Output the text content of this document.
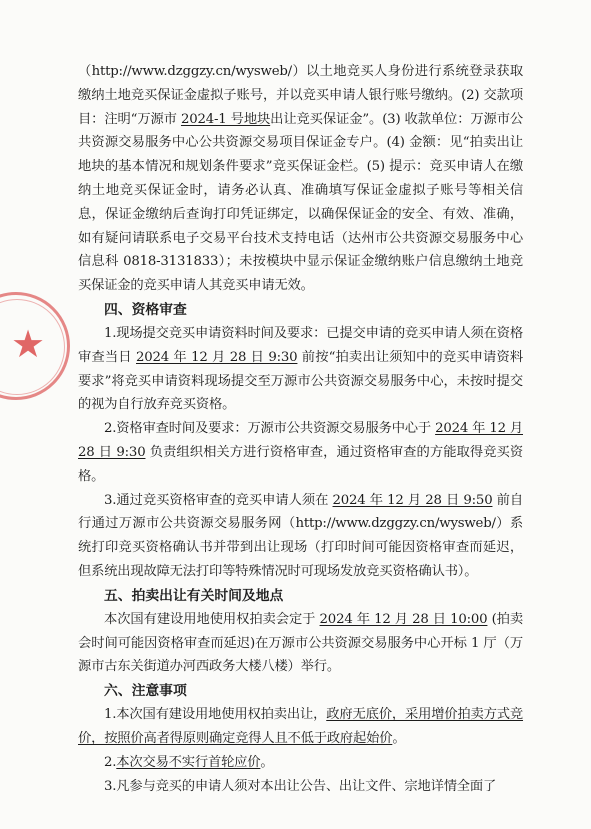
★

（http://www.dzggzy.cn/wysweb/）以土地竞买人身份进行系统登录获取缴纳土地竞买保证金虚拟子账号，并以竞买申请人银行账号缴纳。(2) 交款项目：注明“万源市 2024-1 号地块出让竞买保证金”。(3) 收款单位：万源市公共资源交易服务中心公共资源交易项目保证金专户。(4) 金额：见“拍卖出让地块的基本情况和规划条件要求”竞买保证金栏。(5) 提示：竞买申请人在缴纳土地竞买保证金时，请务必认真、准确填写保证金虚拟子账号等相关信息，保证金缴纳后查询打印凭证绑定，以确保保证金的安全、有效、准确，如有疑问请联系电子交易平台技术支持电话（达州市公共资源交易服务中心信息科 0818-3131833）；未按模块中显示保证金缴纳账户信息缴纳土地竞买保证金的竞买申请人其竞买申请无效。

四、资格审查

1.现场提交竞买申请资料时间及要求：已提交申请的竞买申请人须在资格审查当日 2024 年 12 月 28 日 9:30 前按“拍卖出让须知中的竞买申请资料要求”将竞买申请资料现场提交至万源市公共资源交易服务中心，未按时提交的视为自行放弃竞买资格。

2.资格审查时间及要求：万源市公共资源交易服务中心于 2024 年 12 月 28 日 9:30 负责组织相关方进行资格审查，通过资格审查的方能取得竞买资格。

3.通过竞买资格审查的竞买申请人须在 2024 年 12 月 28 日 9:50 前自行通过万源市公共资源交易服务网（http://www.dzggzy.cn/wysweb/）系统打印竞买资格确认书并带到出让现场（打印时间可能因资格审查而延迟，但系统出现故障无法打印等特殊情况时可现场发放竞买资格确认书）。

五、拍卖出让有关时间及地点

本次国有建设用地使用权拍卖会定于 2024 年 12 月 28 日 10:00 (拍卖会时间可能因资格审查而延迟)在万源市公共资源交易服务中心开标 1 厅（万源市古东关街道办河西政务大楼八楼）举行。

六、注意事项

1.本次国有建设用地使用权拍卖出让，政府无底价，采用增价拍卖方式竞价，按照价高者得原则确定竞得人且不低于政府起始价。

2.本次交易不实行首轮应价。

3.凡参与竞买的申请人须对本出让公告、出让文件、宗地详情全面了
